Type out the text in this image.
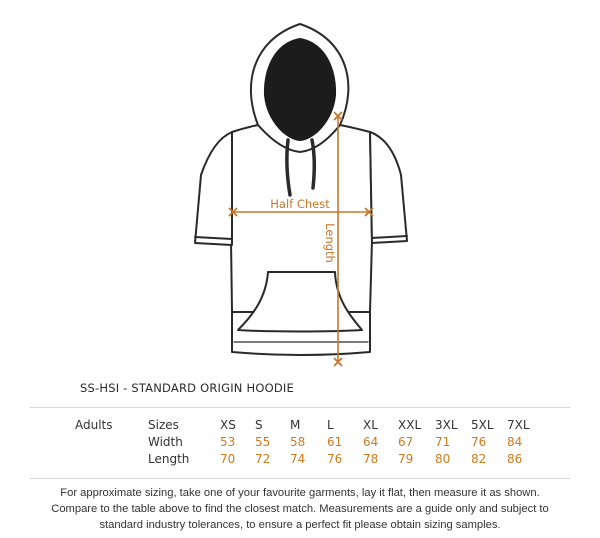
Half Chest
Length
SS-HSI - STANDARD ORIGIN HOODIE
Adults	Sizes
Width
Length
XS S M L XL XXL 3XL 5XL 7XL
53 55 58 61 64 67 71 76 84
70 72 74 76 78 79 80 82 86
For approximate sizing, take one of your favourite garments, lay it flat, then measure it as shown.
Compare to the table above to find the closest match. Measurements are a guide only and subject to
standard industry tolerances, to ensure a perfect fit please obtain sizing samples.
